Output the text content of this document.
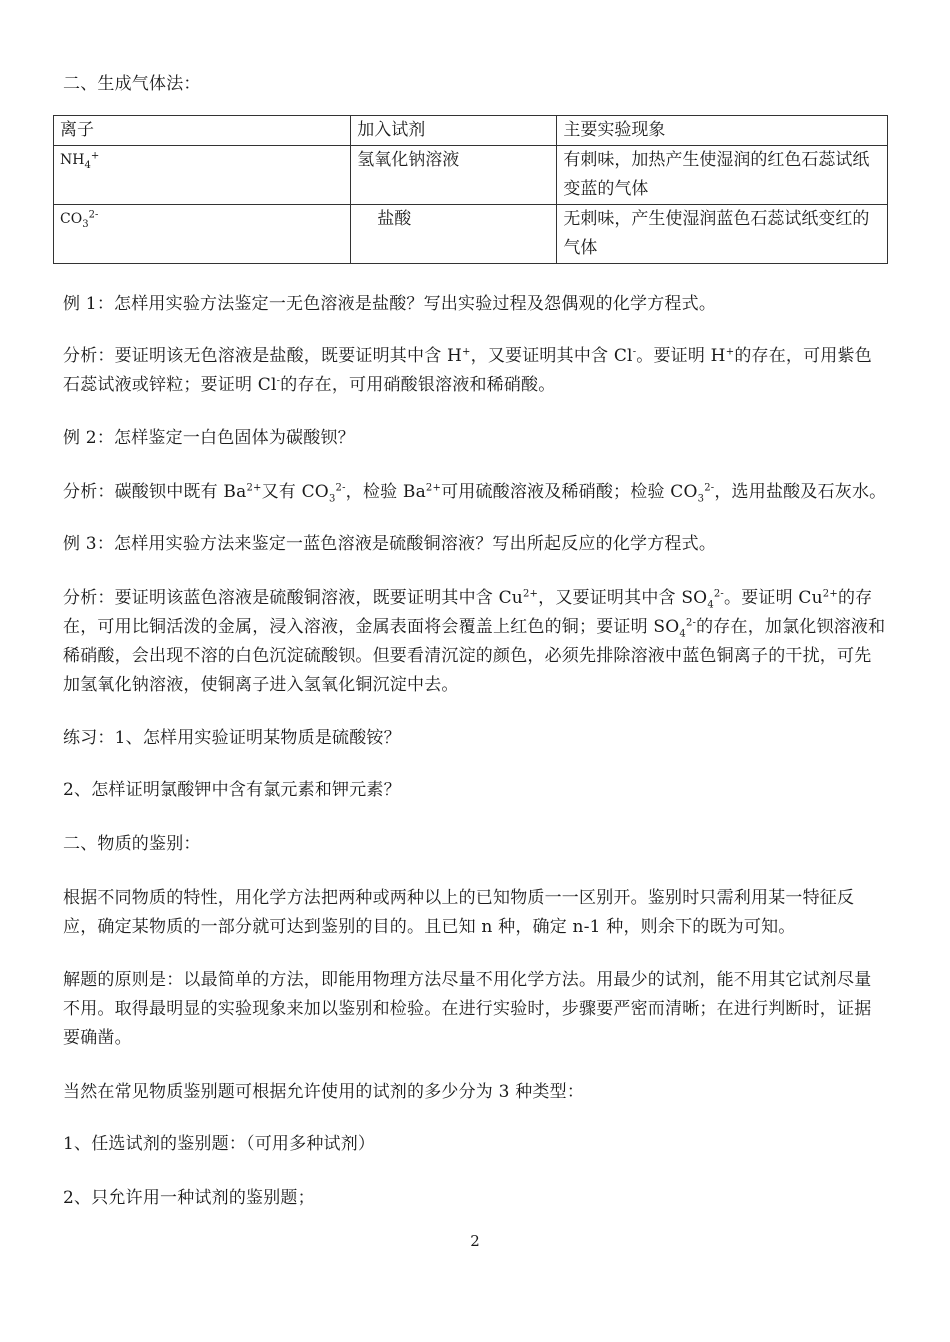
二、生成气体法：

离子	加入试剂	主要实验现象
$NH_4^+$	氢氧化钠溶液	有刺味，加热产生使湿润的红色石蕊试纸变蓝的气体
$CO_3^{2-}$	盐酸	无刺味，产生使湿润蓝色石蕊试纸变红的气体

例 1：怎样用实验方法鉴定一无色溶液是盐酸？写出实验过程及怨偶观的化学方程式。

分析：要证明该无色溶液是盐酸，既要证明其中含 H+，又要证明其中含 Cl-。要证明 H+的存在，可用紫色石蕊试液或锌粒；要证明 Cl-的存在，可用硝酸银溶液和稀硝酸。

例 2：怎样鉴定一白色固体为碳酸钡？

分析：碳酸钡中既有 $Ba^{2+}$又有 $CO_3^{2-}$，检验 $Ba^{2+}$可用硫酸溶液及稀硝酸；检验 $CO_3^{2-}$，选用盐酸及石灰水。

例 3：怎样用实验方法来鉴定一蓝色溶液是硫酸铜溶液？写出所起反应的化学方程式。

分析：要证明该蓝色溶液是硫酸铜溶液，既要证明其中含 $Cu^{2+}$，又要证明其中含 $SO_4^{2-}$。要证明 $Cu^{2+}$的存在，可用比铜活泼的金属，浸入溶液，金属表面将会覆盖上红色的铜；要证明 $SO_4^{2-}$的存在，加氯化钡溶液和稀硝酸，会出现不溶的白色沉淀硫酸钡。但要看清沉淀的颜色，必须先排除溶液中蓝色铜离子的干扰，可先加氢氧化钠溶液，使铜离子进入氢氧化铜沉淀中去。

练习：1、怎样用实验证明某物质是硫酸铵？

2、怎样证明氯酸钾中含有氯元素和钾元素？

二、物质的鉴别：

根据不同物质的特性，用化学方法把两种或两种以上的已知物质一一区别开。鉴别时只需利用某一特征反应，确定某物质的一部分就可达到鉴别的目的。且已知 n 种，确定 n-1 种，则余下的既为可知。

解题的原则是：以最简单的方法，即能用物理方法尽量不用化学方法。用最少的试剂，能不用其它试剂尽量不用。取得最明显的实验现象来加以鉴别和检验。在进行实验时，步骤要严密而清晰；在进行判断时，证据要确凿。

当然在常见物质鉴别题可根据允许使用的试剂的多少分为 3 种类型：

1、任选试剂的鉴别题：（可用多种试剂）

2、只允许用一种试剂的鉴别题；

2
